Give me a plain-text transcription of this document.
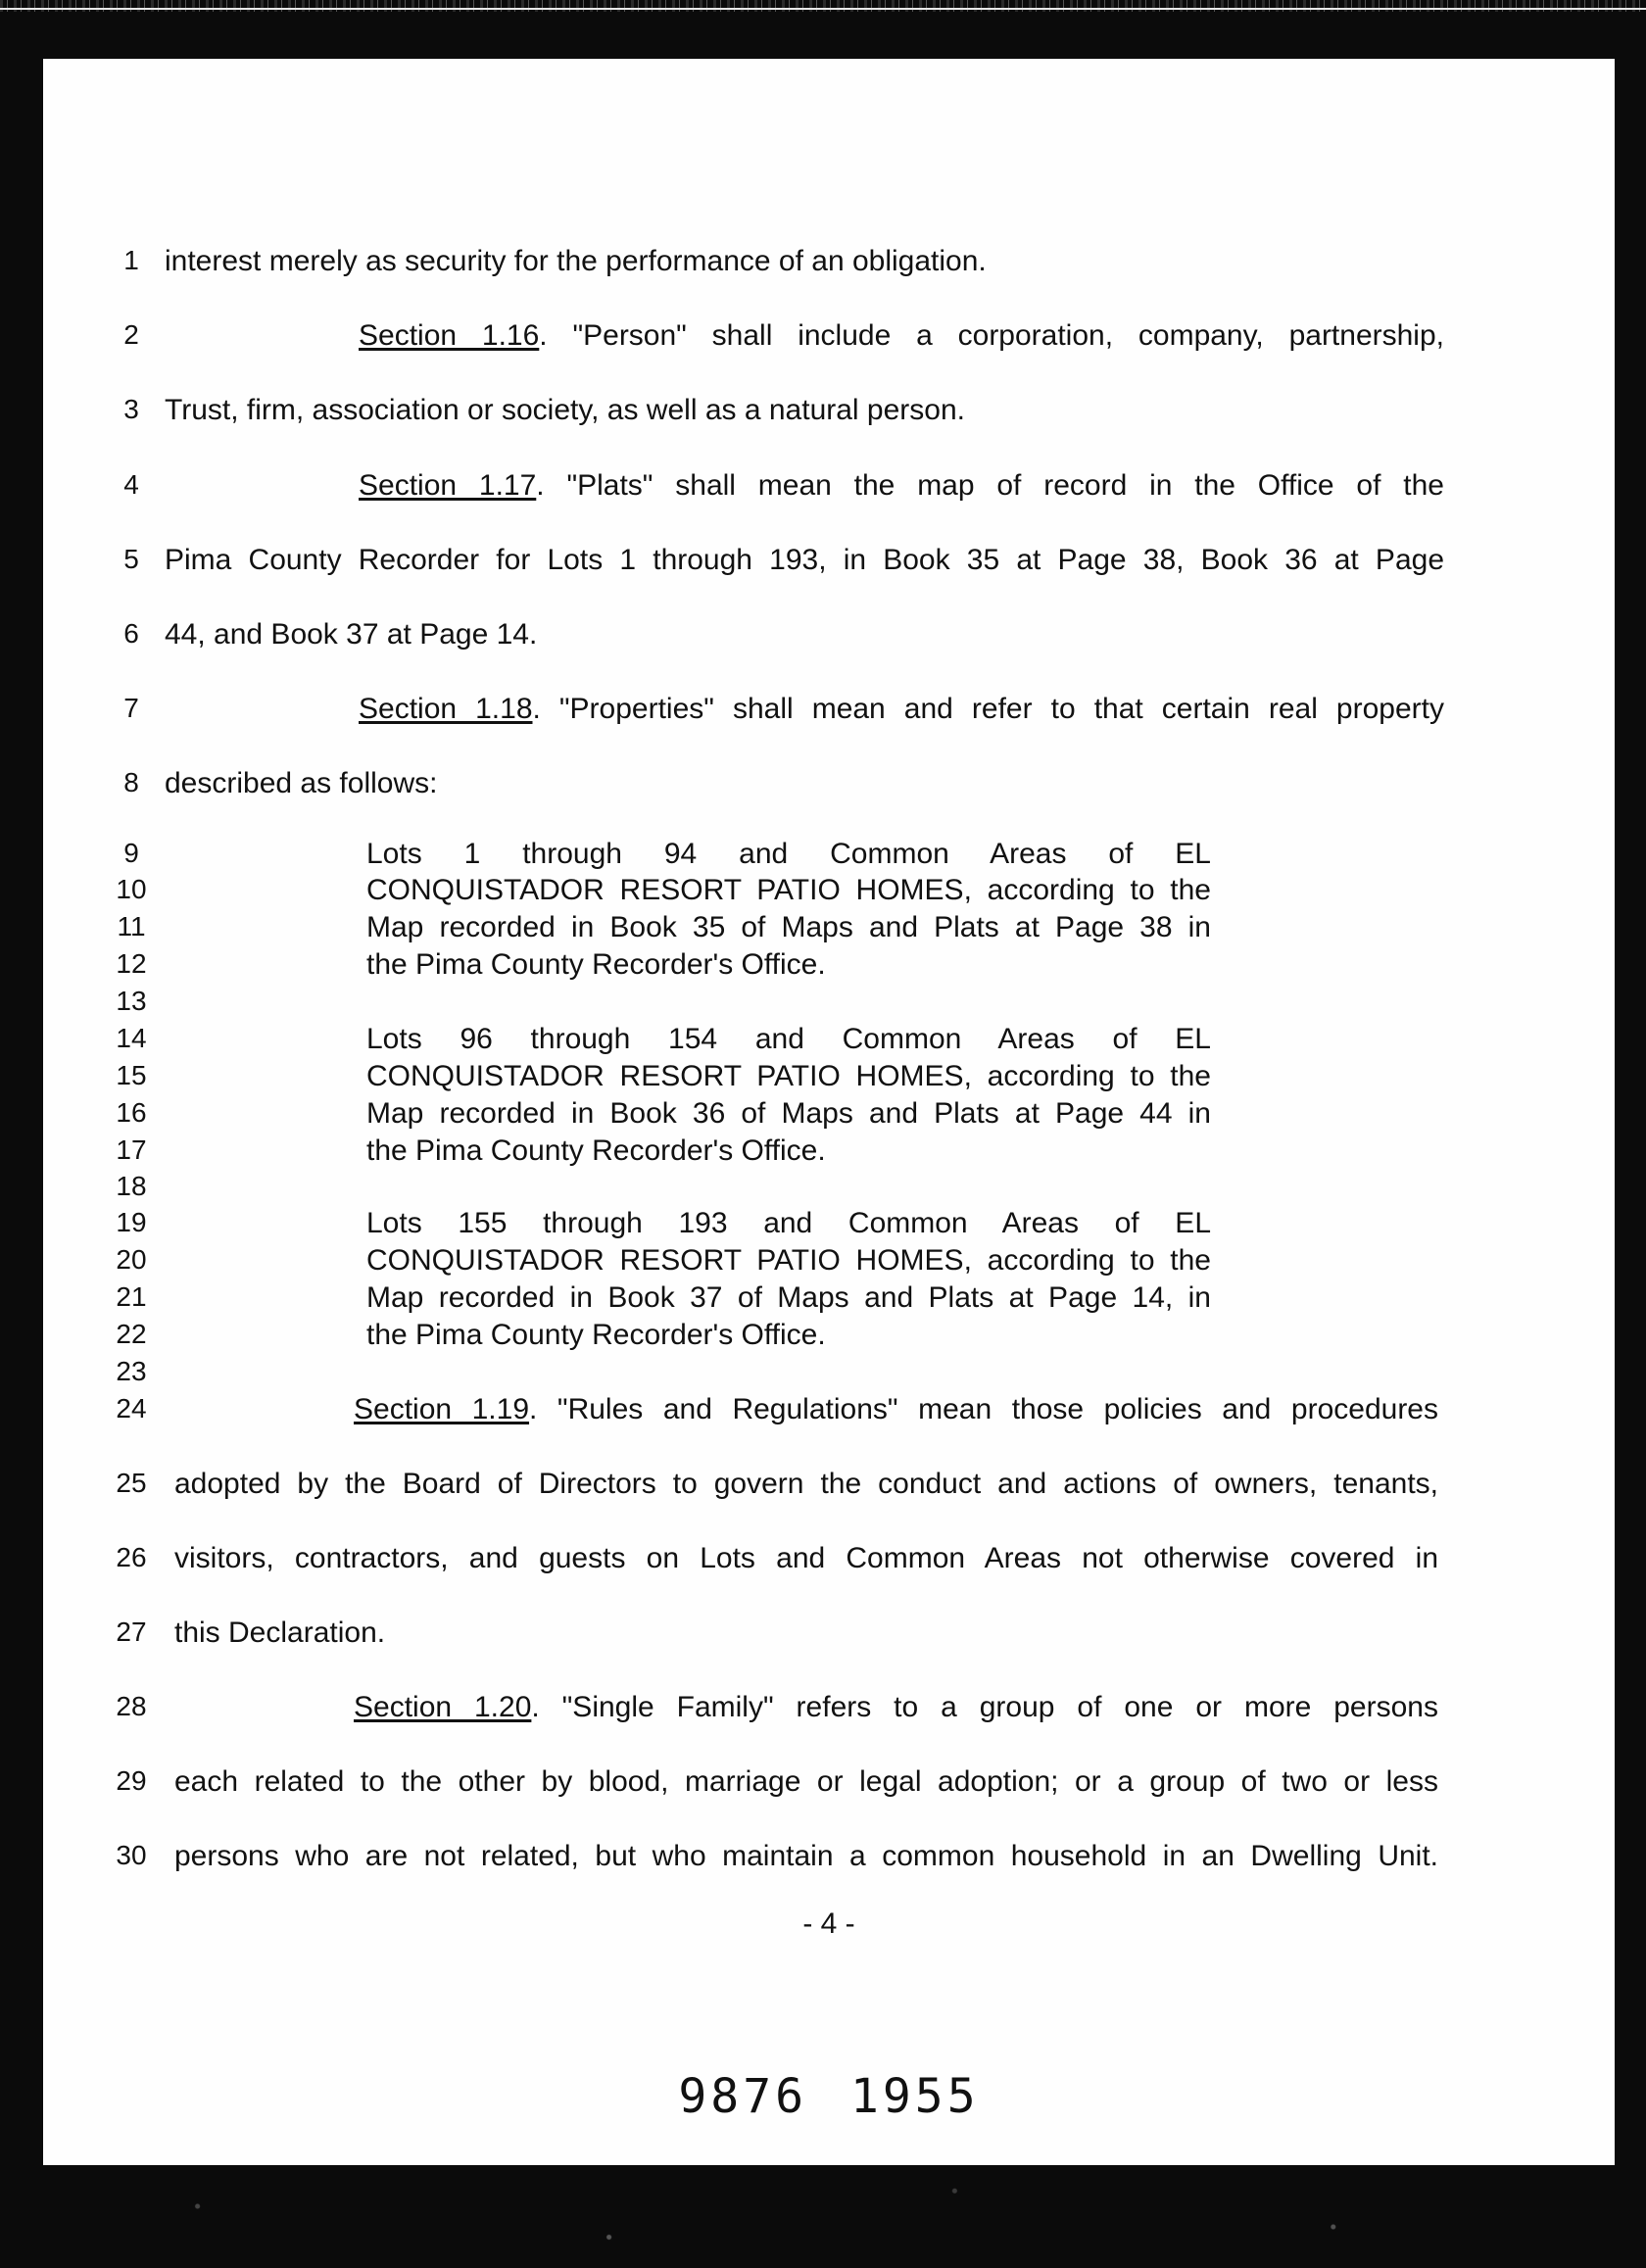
1 interest merely as security for the performance of an obligation.
2	Section 1.16. "Person" shall include a corporation, company, partnership,
3 Trust, firm, association or society, as well as a natural person.
4	Section 1.17. "Plats" shall mean the map of record in the Office of the
5 Pima County Recorder for Lots 1 through 193, in Book 35 at Page 38, Book 36 at Page
6 44, and Book 37 at Page 14.
7	Section 1.18. "Properties" shall mean and refer to that certain real property
8 described as follows:
9	Lots 1 through 94 and Common Areas of EL
10	CONQUISTADOR RESORT PATIO HOMES, according to the
11	Map recorded in Book 35 of Maps and Plats at Page 38 in
12	the Pima County Recorder's Office.
13
14	Lots 96 through 154 and Common Areas of EL
15	CONQUISTADOR RESORT PATIO HOMES, according to the
16	Map recorded in Book 36 of Maps and Plats at Page 44 in
17	the Pima County Recorder's Office.
18
19	Lots 155 through 193 and Common Areas of EL
20	CONQUISTADOR RESORT PATIO HOMES, according to the
21	Map recorded in Book 37 of Maps and Plats at Page 14, in
22	the Pima County Recorder's Office.
23
24	Section 1.19. "Rules and Regulations" mean those policies and procedures
25 adopted by the Board of Directors to govern the conduct and actions of owners, tenants,
26 visitors, contractors, and guests on Lots and Common Areas not otherwise covered in
27 this Declaration.
28	Section 1.20. "Single Family" refers to a group of one or more persons
29 each related to the other by blood, marriage or legal adoption; or a group of two or less
30 persons who are not related, but who maintain a common household in an Dwelling Unit.
- 4 -
9876 1955
